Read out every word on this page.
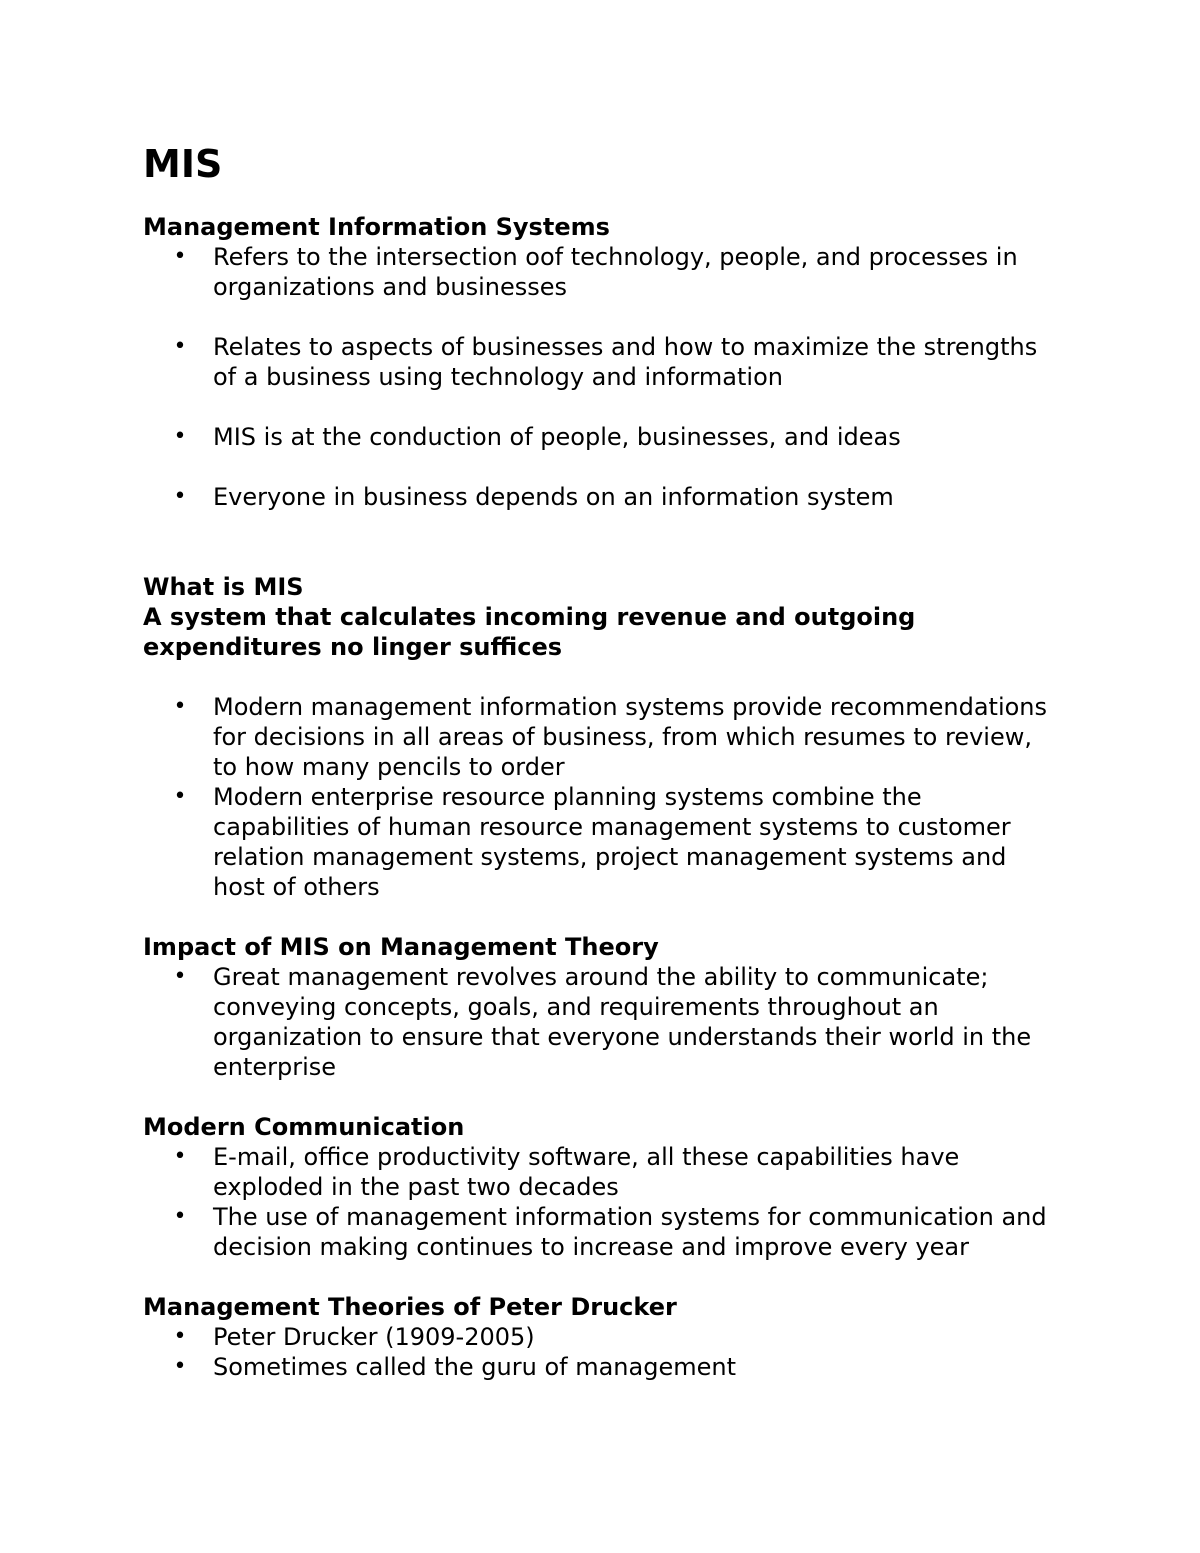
MIS
Management Information Systems
• Refers to the intersection oof technology, people, and processes in organizations and businesses
• Relates to aspects of businesses and how to maximize the strengths of a business using technology and information
• MIS is at the conduction of people, businesses, and ideas
• Everyone in business depends on an information system
What is MIS
A system that calculates incoming revenue and outgoing expenditures no linger suffices
• Modern management information systems provide recommendations for decisions in all areas of business, from which resumes to review, to how many pencils to order
• Modern enterprise resource planning systems combine the capabilities of human resource management systems to customer relation management systems, project management systems and host of others
Impact of MIS on Management Theory
• Great management revolves around the ability to communicate; conveying concepts, goals, and requirements throughout an organization to ensure that everyone understands their world in the enterprise
Modern Communication
• E-mail, office productivity software, all these capabilities have exploded in the past two decades
• The use of management information systems for communication and decision making continues to increase and improve every year
Management Theories of Peter Drucker
• Peter Drucker (1909-2005)
• Sometimes called the guru of management
